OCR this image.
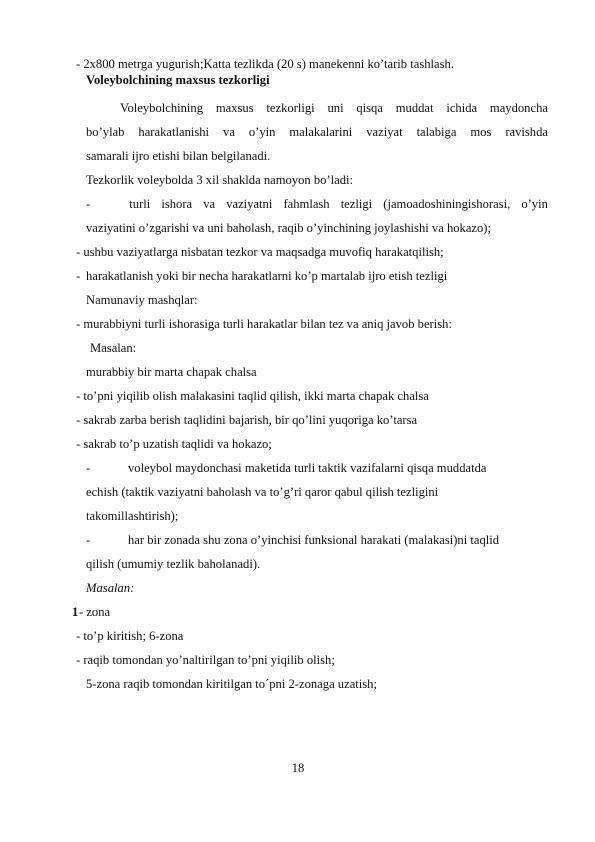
- 2x800 metrga yugurish;Katta tezlikda (20 s) manekenni ko’tarib tashlash.
Voleybolchining maxsus tezkorligi
Voleybolchining maxsus tezkorligi uni qisqa muddat ichida maydoncha
bo’ylab harakatlanishi va o’yin malakalarini vaziyat talabiga mos ravishda
samarali ijro etishi bilan belgilanadi.
Tezkorlik voleybolda 3 xil shaklda namoyon bo’ladi:
-	turli ishora va vaziyatni fahmlash tezligi (jamoadoshiningishorasi, o’yin
vaziyatini o’zgarishi va uni baholash, raqib o’yinchining joylashishi va hokazo);
- ushbu vaziyatlarga nisbatan tezkor va maqsadga muvofiq harakatqilish;
- harakatlanish yoki bir necha harakatlarni ko’p martalab ijro etish tezligi
Namunaviy mashqlar:
- murabbiyni turli ishorasiga turli harakatlar bilan tez va aniq javob berish:
Masalan:
murabbiy bir marta chapak chalsa
- to’pni yiqilib olish malakasini taqlid qilish, ikki marta chapak chalsa
- sakrab zarba berish taqlidini bajarish, bir qo’lini yuqoriga ko’tarsa
- sakrab to’p uzatish taqlidi va hokazo;
-	voleybol maydonchasi maketida turli taktik vazifalarni qisqa muddatda
echish (taktik vaziyatni baholash va to’g’ri qaror qabul qilish tezligini
takomillashtirish);
-	har bir zonada shu zona o’yinchisi funksional harakati (malakasi)ni taqlid
qilish (umumiy tezlik baholanadi).
Masalan:
1 - zona
- to’p kiritish; 6-zona
- raqib tomondan yo’naltirilgan to’pni yiqilib olish;
5-zona raqib tomondan kiritilgan to´pni 2-zonaga uzatish;
18
